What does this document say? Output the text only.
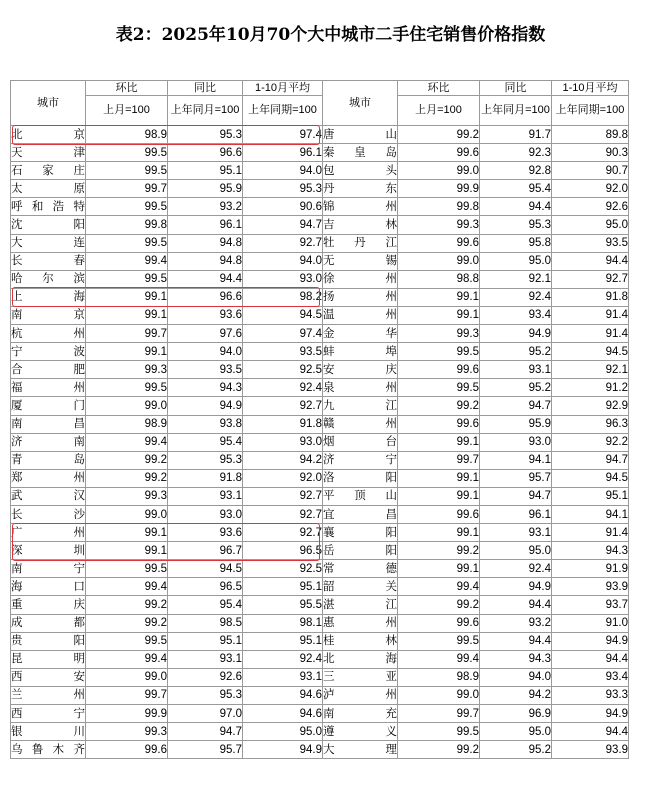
表2：2025年10月70个大中城市二手住宅销售价格指数
城市	环比	同比	1-10月平均	城市	环比	同比	1-10月平均
	上月=100	上年同月=100	上年同期=100		上月=100	上年同月=100	上年同期=100
北　京	98.9	95.3	97.4	唐　山	99.2	91.7	89.8
天　津	99.5	96.6	96.1	秦皇岛	99.6	92.3	90.3
石家庄	99.5	95.1	94.0	包　头	99.0	92.8	90.7
太　原	99.7	95.9	95.3	丹　东	99.9	95.4	92.0
呼和浩特	99.5	93.2	90.6	锦　州	99.8	94.4	92.6
沈　阳	99.8	96.1	94.7	吉　林	99.3	95.3	95.0
大　连	99.5	94.8	92.7	牡丹江	99.6	95.8	93.5
长　春	99.4	94.8	94.0	无　锡	99.0	95.0	94.4
哈尔滨	99.5	94.4	93.0	徐　州	98.8	92.1	92.7
上　海	99.1	96.6	98.2	扬　州	99.1	92.4	91.8
南　京	99.1	93.6	94.5	温　州	99.1	93.4	91.4
杭　州	99.7	97.6	97.4	金　华	99.3	94.9	91.4
宁　波	99.1	94.0	93.5	蚌　埠	99.5	95.2	94.5
合　肥	99.3	93.5	92.5	安　庆	99.6	93.1	92.1
福　州	99.5	94.3	92.4	泉　州	99.5	95.2	91.2
厦　门	99.0	94.9	92.7	九　江	99.2	94.7	92.9
南　昌	98.9	93.8	91.8	赣　州	99.6	95.9	96.3
济　南	99.4	95.4	93.0	烟　台	99.1	93.0	92.2
青　岛	99.2	95.3	94.2	济　宁	99.7	94.1	94.7
郑　州	99.2	91.8	92.0	洛　阳	99.1	95.7	94.5
武　汉	99.3	93.1	92.7	平顶山	99.1	94.7	95.1
长　沙	99.0	93.0	92.7	宜　昌	99.6	96.1	94.1
广　州	99.1	93.6	92.7	襄　阳	99.1	93.1	91.4
深　圳	99.1	96.7	96.5	岳　阳	99.2	95.0	94.3
南　宁	99.5	94.5	92.5	常　德	99.1	92.4	91.9
海　口	99.4	96.5	95.1	韶　关	99.4	94.9	93.9
重　庆	99.2	95.4	95.5	湛　江	99.2	94.4	93.7
成　都	99.2	98.5	98.1	惠　州	99.6	93.2	91.0
贵　阳	99.5	95.1	95.1	桂　林	99.5	94.4	94.9
昆　明	99.4	93.1	92.4	北　海	99.4	94.3	94.4
西　安	99.0	92.6	93.1	三　亚	98.9	94.0	93.4
兰　州	99.7	95.3	94.6	泸　州	99.0	94.2	93.3
西　宁	99.9	97.0	94.6	南　充	99.7	96.9	94.9
银　川	99.3	94.7	95.0	遵　义	99.5	95.0	94.4
乌鲁木齐	99.6	95.7	94.9	大　理	99.2	95.2	93.9
